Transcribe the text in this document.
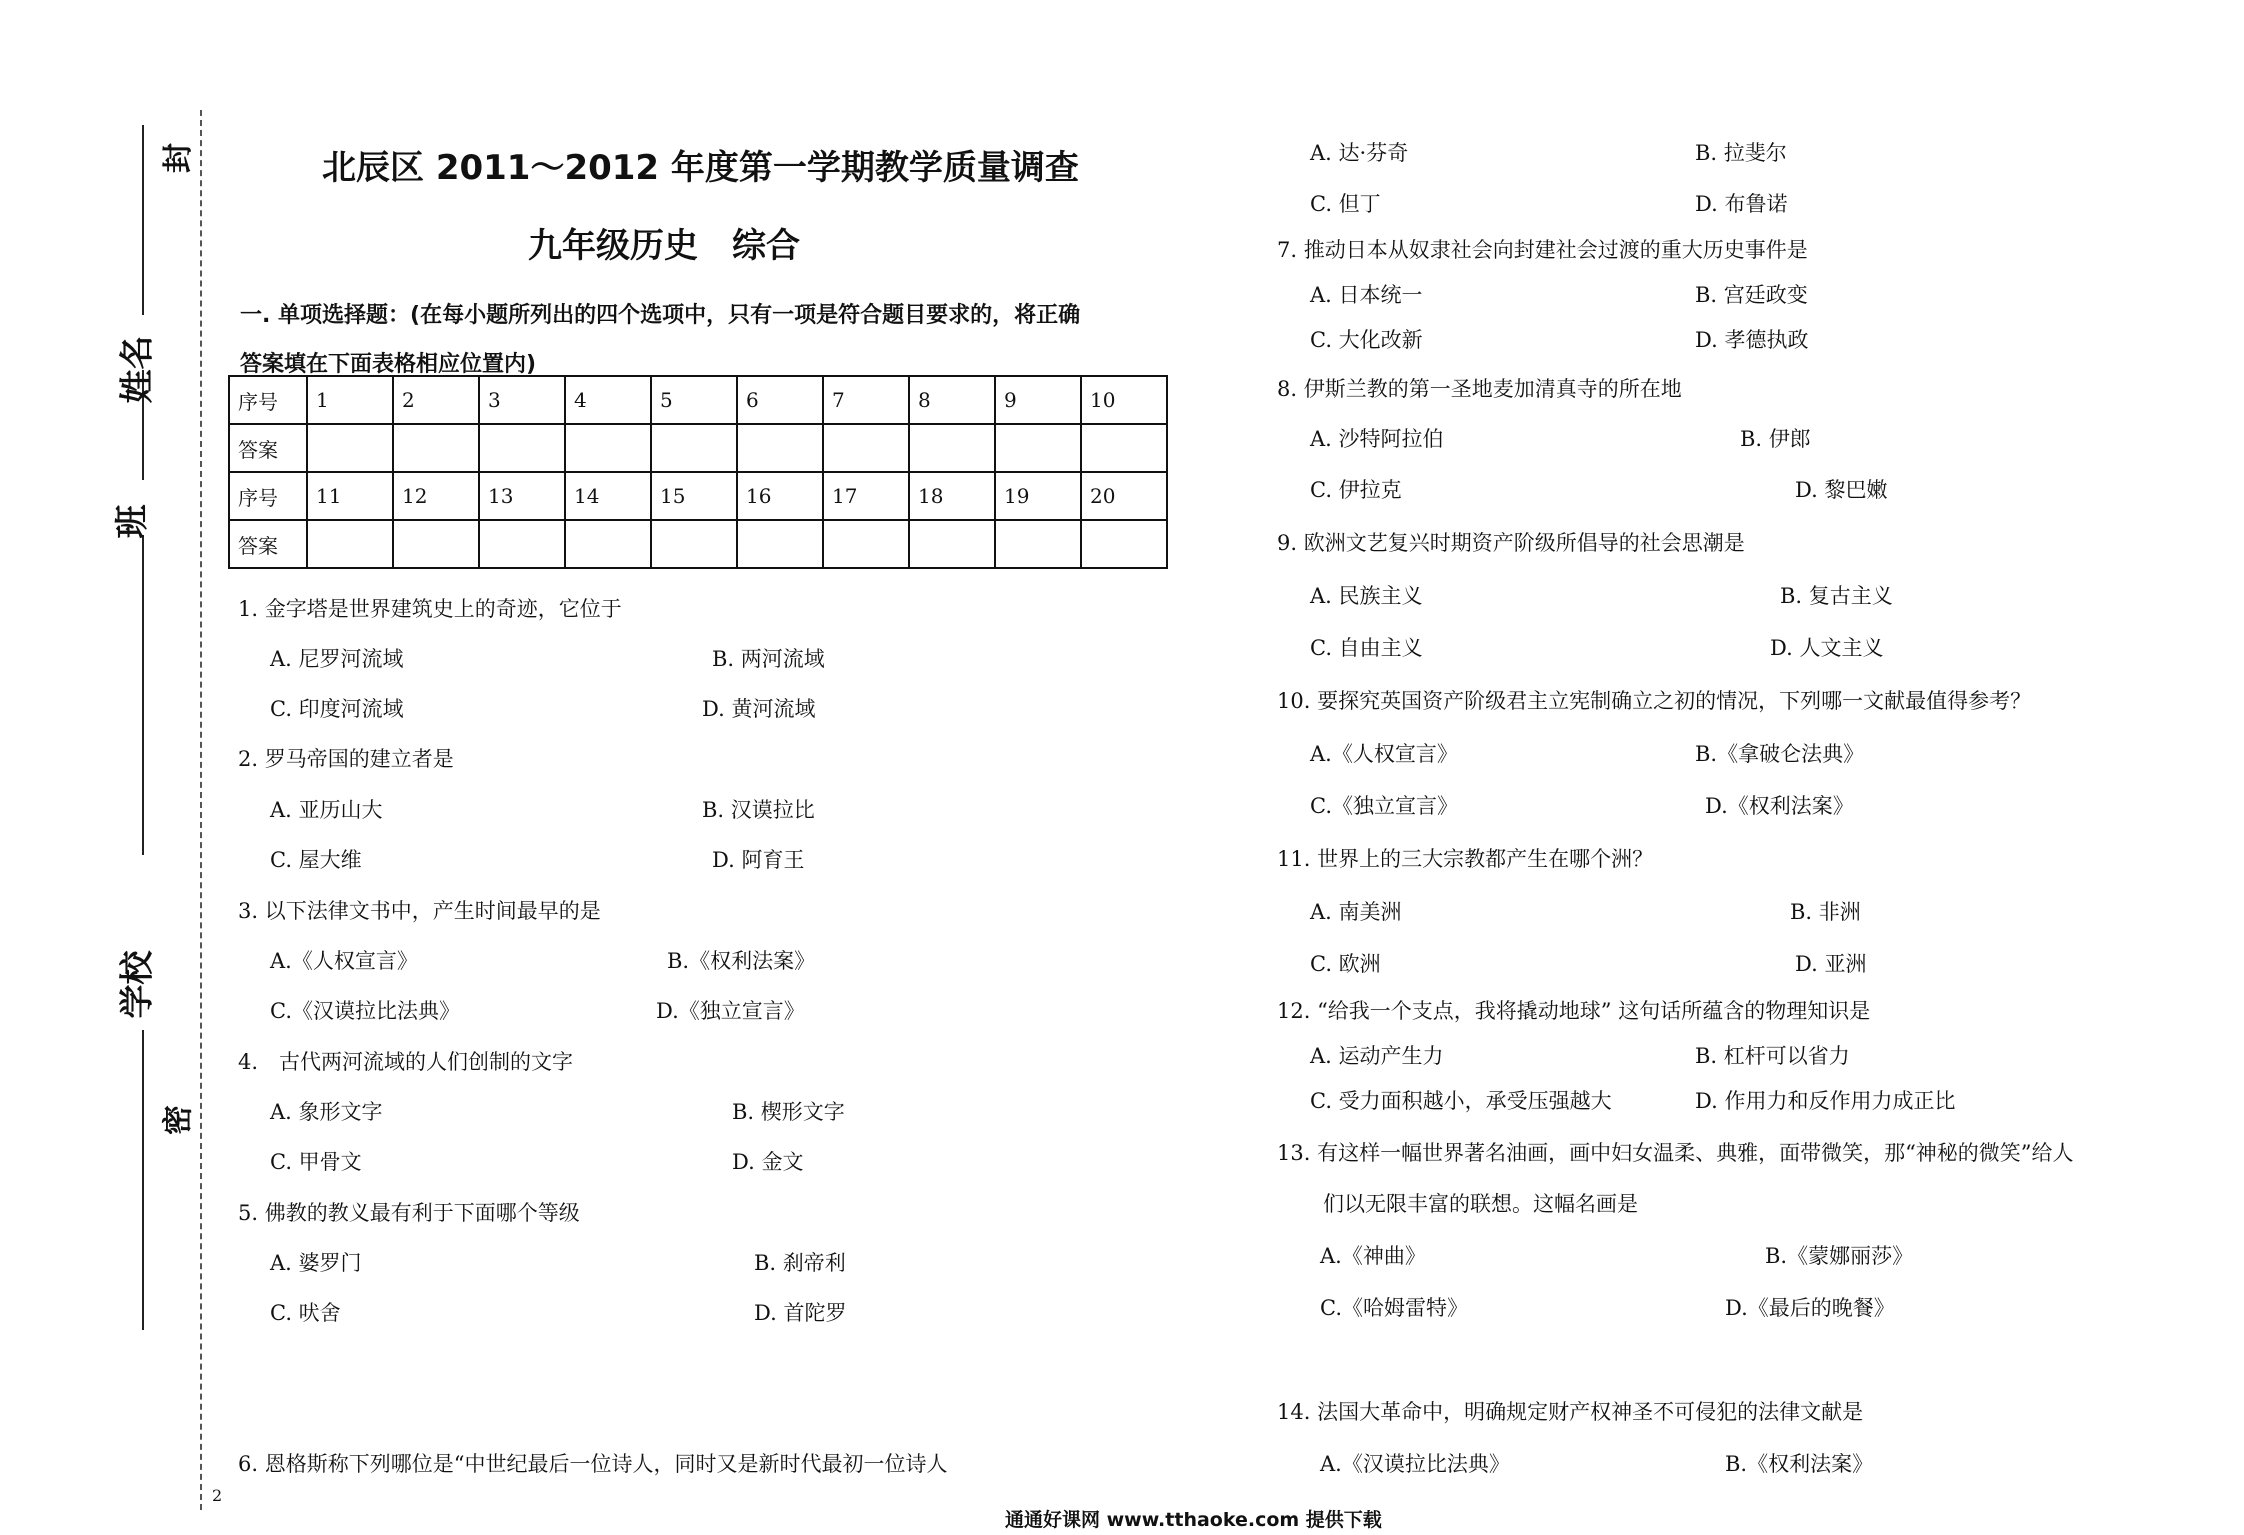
封
姓名
班
学校
密
2
北辰区 2011～2012 年度第一学期教学质量调查
九年级历史　综合
一. 单项选择题：(在每小题所列出的四个选项中，只有一项是符合题目要求的，将正确
答案填在下面表格相应位置内)
序号	1	2	3	4	5	6	7	8	9	10
答案										
序号	11	12	13	14	15	16	17	18	19	20
答案										
1. 金字塔是世界建筑史上的奇迹，它位于
A. 尼罗河流域	B. 两河流域
C. 印度河流域	D. 黄河流域
2. 罗马帝国的建立者是
A. 亚历山大	B. 汉谟拉比
C. 屋大维	D. 阿育王
3. 以下法律文书中，产生时间最早的是
A.《人权宣言》	B.《权利法案》
C.《汉谟拉比法典》	D.《独立宣言》
4.　古代两河流域的人们创制的文字
A. 象形文字	B. 楔形文字
C. 甲骨文	D. 金文
5. 佛教的教义最有利于下面哪个等级
A. 婆罗门	B. 刹帝利
C. 吠舍	D. 首陀罗
6. 恩格斯称下列哪位是“中世纪最后一位诗人，同时又是新时代最初一位诗人
A. 达·芬奇	B. 拉斐尔
C. 但丁	D. 布鲁诺
7. 推动日本从奴隶社会向封建社会过渡的重大历史事件是
A. 日本统一	B. 宫廷政变
C. 大化改新	D. 孝德执政
8. 伊斯兰教的第一圣地麦加清真寺的所在地
A. 沙特阿拉伯	B. 伊郎
C. 伊拉克	D. 黎巴嫩
9. 欧洲文艺复兴时期资产阶级所倡导的社会思潮是
A. 民族主义	B. 复古主义
C. 自由主义	D. 人文主义
10. 要探究英国资产阶级君主立宪制确立之初的情况，下列哪一文献最值得参考？
A.《人权宣言》	B.《拿破仑法典》
C.《独立宣言》	D.《权利法案》
11. 世界上的三大宗教都产生在哪个洲？
A. 南美洲	B. 非洲
C. 欧洲	D. 亚洲
12. “给我一个支点，我将撬动地球” 这句话所蕴含的物理知识是
A. 运动产生力	B. 杠杆可以省力
C. 受力面积越小，承受压强越大	D. 作用力和反作用力成正比
13. 有这样一幅世界著名油画，画中妇女温柔、典雅，面带微笑，那“神秘的微笑”给人
们以无限丰富的联想。这幅名画是
A.《神曲》	B.《蒙娜丽莎》
C.《哈姆雷特》	D.《最后的晚餐》
14. 法国大革命中，明确规定财产权神圣不可侵犯的法律文献是
A.《汉谟拉比法典》	B.《权利法案》
通通好课网 www.tthaoke.com 提供下载
